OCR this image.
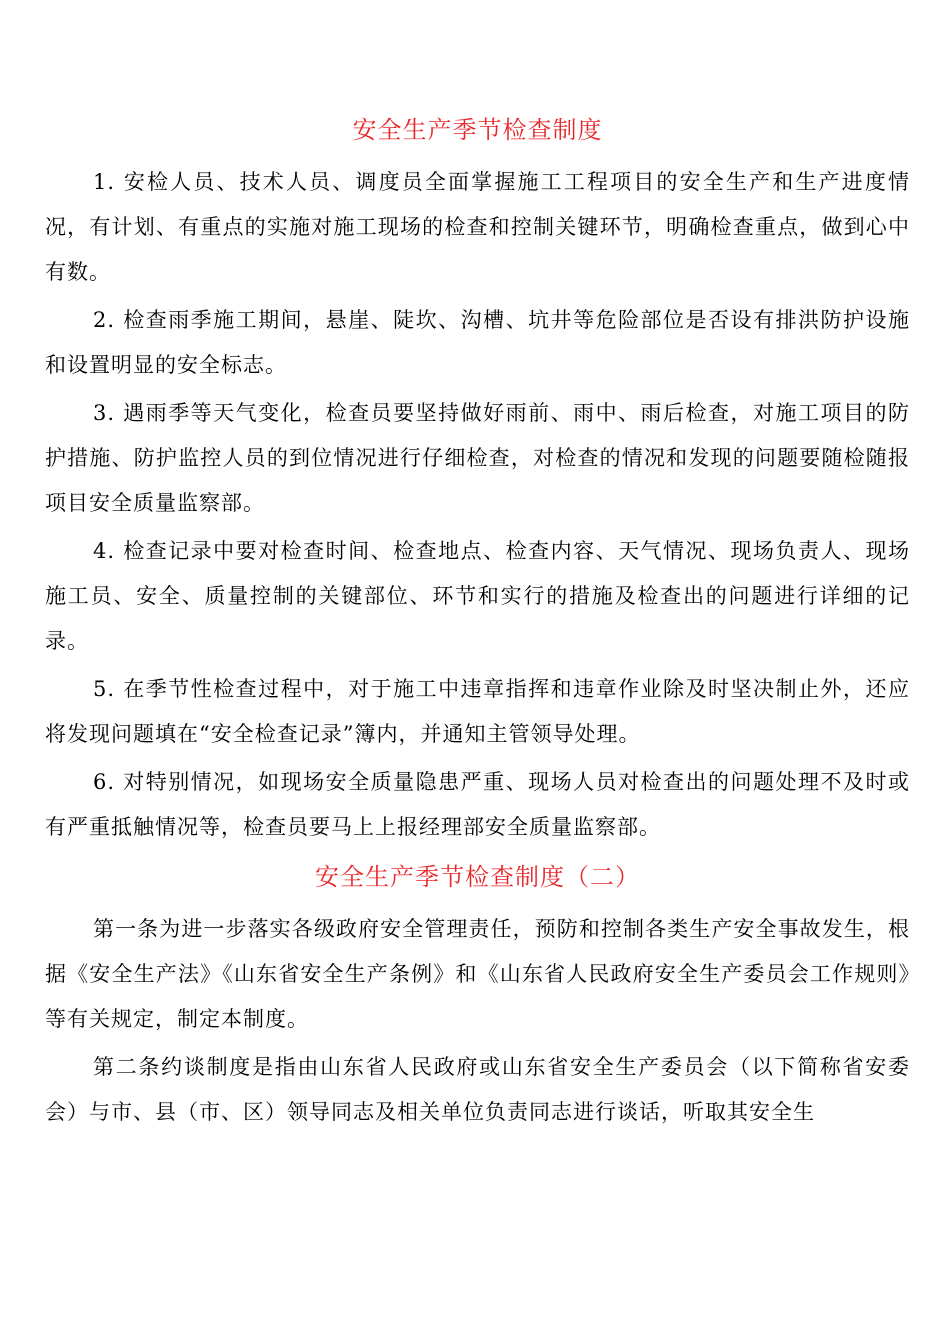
安全生产季节检查制度

1. 安检人员、技术人员、调度员全面掌握施工工程项目的安全生产和生产进度情况，有计划、有重点的实施对施工现场的检查和控制关键环节，明确检查重点，做到心中有数。

2. 检查雨季施工期间，悬崖、陡坎、沟槽、坑井等危险部位是否设有排洪防护设施和设置明显的安全标志。

3. 遇雨季等天气变化，检查员要坚持做好雨前、雨中、雨后检查，对施工项目的防护措施、防护监控人员的到位情况进行仔细检查，对检查的情况和发现的问题要随检随报项目安全质量监察部。

4. 检查记录中要对检查时间、检查地点、检查内容、天气情况、现场负责人、现场施工员、安全、质量控制的关键部位、环节和实行的措施及检查出的问题进行详细的记录。

5. 在季节性检查过程中，对于施工中违章指挥和违章作业除及时坚决制止外，还应将发现问题填在“安全检查记录”簿内，并通知主管领导处理。

6. 对特别情况，如现场安全质量隐患严重、现场人员对检查出的问题处理不及时或有严重抵触情况等，检查员要马上上报经理部安全质量监察部。

安全生产季节检查制度（二）

第一条为进一步落实各级政府安全管理责任，预防和控制各类生产安全事故发生，根据《安全生产法》《山东省安全生产条例》和《山东省人民政府安全生产委员会工作规则》等有关规定，制定本制度。

第二条约谈制度是指由山东省人民政府或山东省安全生产委员会（以下简称省安委会）与市、县（市、区）领导同志及相关单位负责同志进行谈话，听取其安全生
